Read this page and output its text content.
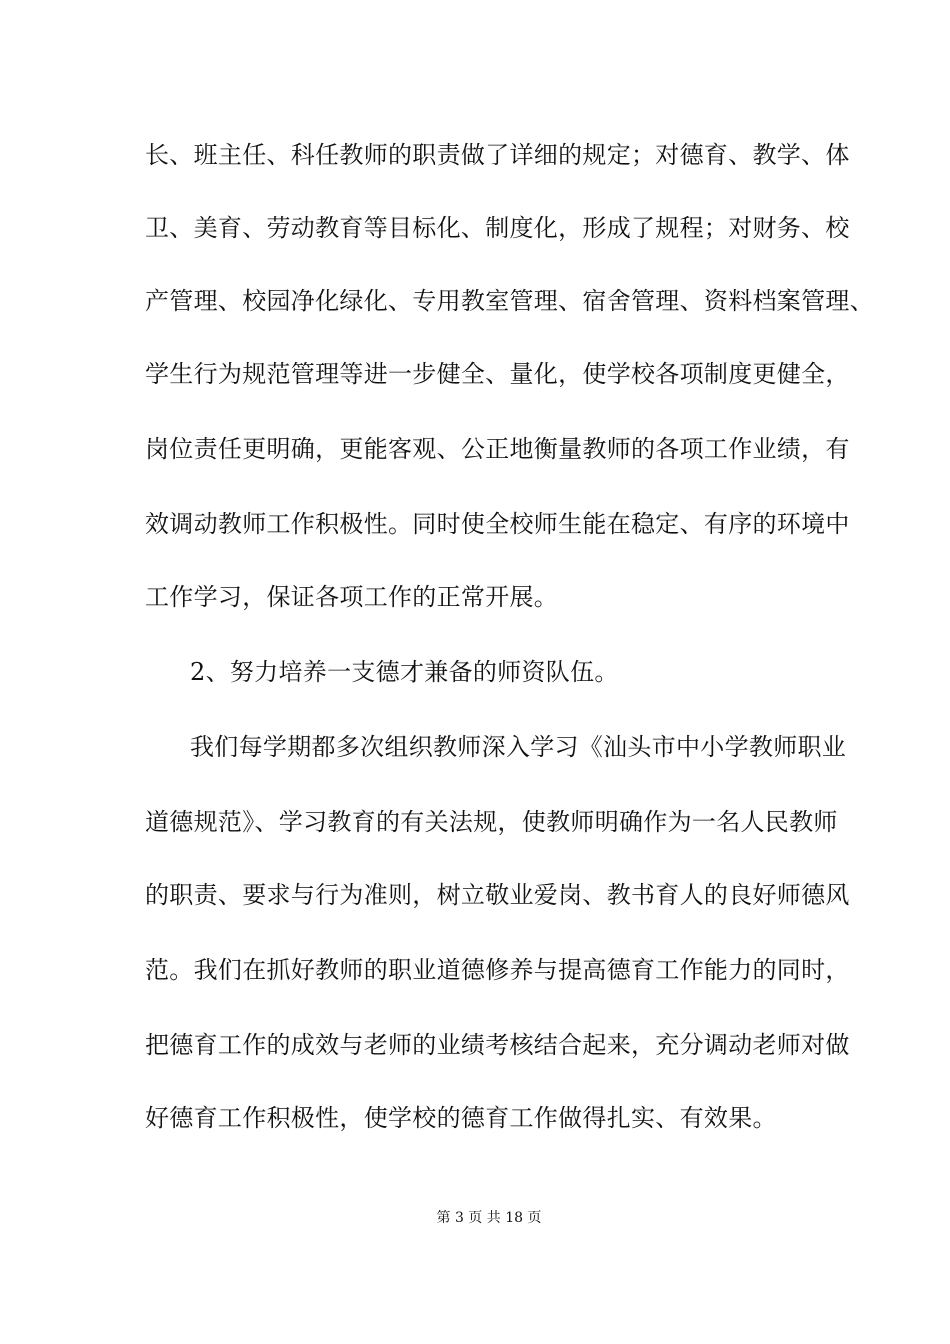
长、班主任、科任教师的职责做了详细的规定；对德育、教学、体
卫、美育、劳动教育等目标化、制度化，形成了规程；对财务、校
产管理、校园净化绿化、专用教室管理、宿舍管理、资料档案管理、
学生行为规范管理等进一步健全、量化，使学校各项制度更健全，
岗位责任更明确，更能客观、公正地衡量教师的各项工作业绩，有
效调动教师工作积极性。同时使全校师生能在稳定、有序的环境中
工作学习，保证各项工作的正常开展。
2、努力培养一支德才兼备的师资队伍。
我们每学期都多次组织教师深入学习《汕头市中小学教师职业
道德规范》、学习教育的有关法规，使教师明确作为一名人民教师
的职责、要求与行为准则，树立敬业爱岗、教书育人的良好师德风
范。我们在抓好教师的职业道德修养与提高德育工作能力的同时，
把德育工作的成效与老师的业绩考核结合起来，充分调动老师对做
好德育工作积极性，使学校的德育工作做得扎实、有效果。
第 3 页 共 18 页
